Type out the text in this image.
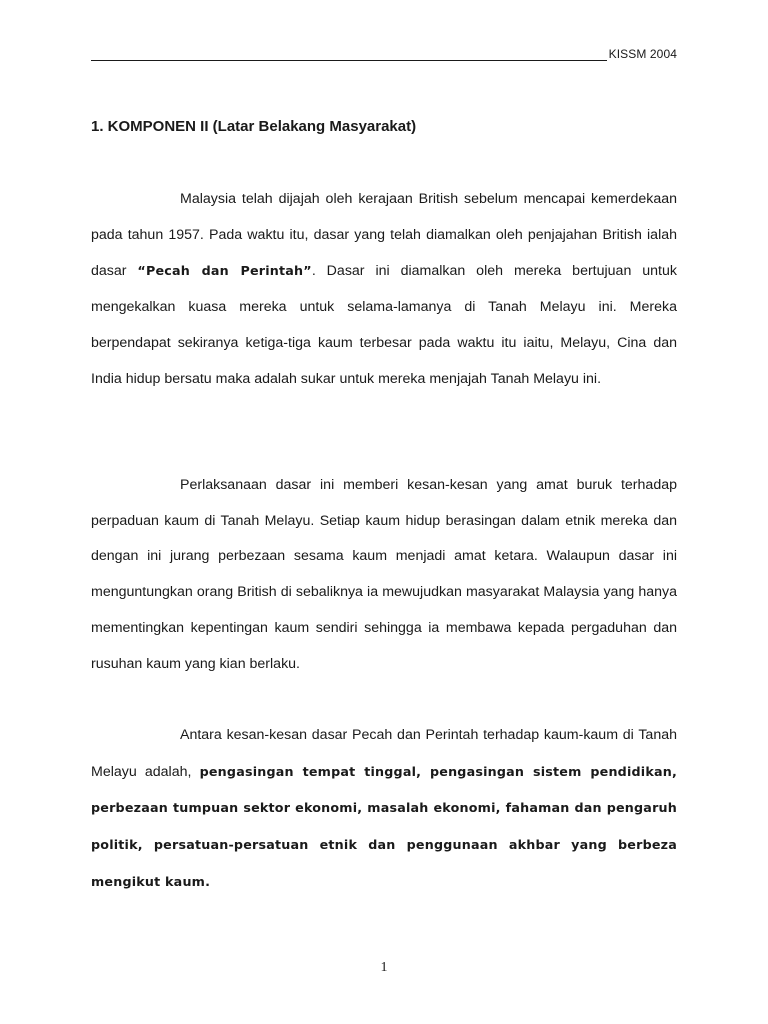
KISSM 2004
1. KOMPONEN II (Latar Belakang Masyarakat)

Malaysia telah dijajah oleh kerajaan British sebelum mencapai kemerdekaan pada tahun 1957. Pada waktu itu, dasar yang telah diamalkan oleh penjajahan British ialah dasar “Pecah dan Perintah”. Dasar ini diamalkan oleh mereka bertujuan untuk mengekalkan kuasa mereka untuk selama-lamanya di Tanah Melayu ini. Mereka berpendapat sekiranya ketiga-tiga kaum terbesar pada waktu itu iaitu, Melayu, Cina dan India hidup bersatu maka adalah sukar untuk mereka menjajah Tanah Melayu ini.

Perlaksanaan dasar ini memberi kesan-kesan yang amat buruk terhadap perpaduan kaum di Tanah Melayu. Setiap kaum hidup berasingan dalam etnik mereka dan dengan ini jurang perbezaan sesama kaum menjadi amat ketara. Walaupun dasar ini menguntungkan orang British di sebaliknya ia mewujudkan masyarakat Malaysia yang hanya mementingkan kepentingan kaum sendiri sehingga ia membawa kepada pergaduhan dan rusuhan kaum yang kian berlaku.

Antara kesan-kesan dasar Pecah dan Perintah terhadap kaum-kaum di Tanah Melayu adalah, pengasingan tempat tinggal, pengasingan sistem pendidikan, perbezaan tumpuan sektor ekonomi, masalah ekonomi, fahaman dan pengaruh politik, persatuan-persatuan etnik dan penggunaan akhbar yang berbeza mengikut kaum.

1
